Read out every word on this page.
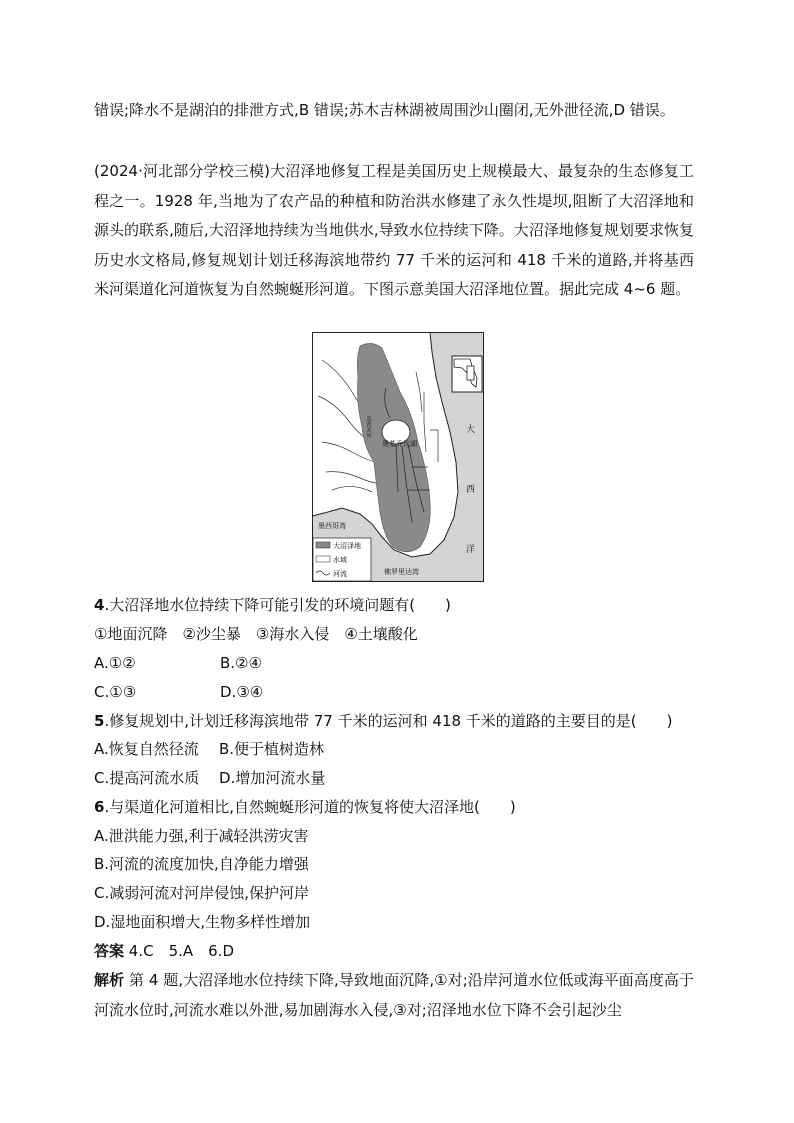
错误;降水不是湖泊的排泄方式,B 错误;苏木吉林湖被周围沙山圈闭,无外泄径流,D 错误。
(2024·河北部分学校三模)大沼泽地修复工程是美国历史上规模最大、最复杂的生态修复工程之一。1928 年,当地为了农产品的种植和防治洪水修建了永久性堤坝,阻断了大沼泽地和源头的联系,随后,大沼泽地持续为当地供水,导致水位持续下降。大沼泽地修复规划要求恢复历史水文格局,修复规划计划迁移海滨地带约 77 千米的运河和 418 千米的道路,并将基西米河渠道化河道恢复为自然蜿蜒形河道。下图示意美国大沼泽地位置。据此完成 4~6 题。
基西米河
奥基乔比湖
大
西
洋
墨西哥湾
佛罗里达湾
大沼泽地
水域
河流
4.大沼泽地水位持续下降可能引发的环境问题有(　　)
①地面沉降　②沙尘暴　③海水入侵　④土壤酸化
A.①②	B.②④
C.①③	D.③④
5.修复规划中,计划迁移海滨地带 77 千米的运河和 418 千米的道路的主要目的是(　　)
A.恢复自然径流 B.便于植树造林
C.提高河流水质 D.增加河流水量
6.与渠道化河道相比,自然蜿蜒形河道的恢复将使大沼泽地(　　)
A.泄洪能力强,利于减轻洪涝灾害
B.河流的流度加快,自净能力增强
C.减弱河流对河岸侵蚀,保护河岸
D.湿地面积增大,生物多样性增加
答案 4.C　5.A　6.D
解析 第 4 题,大沼泽地水位持续下降,导致地面沉降,①对;沿岸河道水位低或海平面高度高于河流水位时,河流水难以外泄,易加剧海水入侵,③对;沼泽地水位下降不会引起沙尘
